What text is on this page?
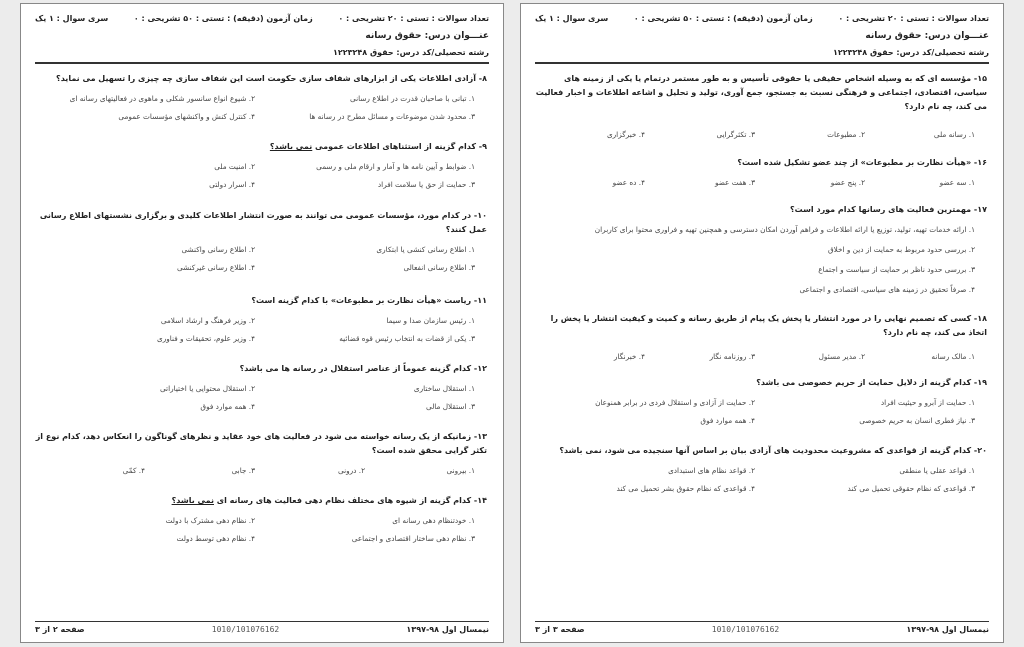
تعداد سوالات : تستی : ۲۰ تشریحی : ۰
زمان آزمون (دقیقه) : تستی : ۵۰ تشریحی : ۰
سری سوال : ۱ یک
عنـــوان درس: حقوق رسانه
رشته تحصیلی/کد درس: حقوق ۱۲۲۳۲۴۸
۸- آزادی اطلاعات یکی از ابزارهای شفاف سازی حکومت است این شفاف سازی چه چیزی را تسهیل می نماید؟
۱. تبانی با صاحبان قدرت در اطلاع رسانی
۲. شیوع انواع سانسور شکلی و ماهوی در فعالیتهای رسانه ای
۳. محدود شدن موضوعات و مسائل مطرح در رسانه ها
۴. کنترل کنش و واکنشهای مؤسسات عمومی
۹- کدام گزینه از استثناهای اطلاعات عمومی نمی باشد؟
۱. ضوابط و آیین نامه ها و آمار و ارقام ملی و رسمی
۲. امنیت ملی
۳. حمایت از حق یا سلامت افراد
۴. اسرار دولتی
۱۰- در کدام مورد، مؤسسات عمومی می توانند به صورت انتشار اطلاعات کلیدی و برگزاری نشستهای اطلاع رسانی عمل کنند؟
۱. اطلاع رسانی کنشی یا ابتکاری
۲. اطلاع رسانی واکنشی
۳. اطلاع رسانی انفعالی
۴. اطلاع رسانی غیرکنشی
۱۱- ریاست «هیأت نظارت بر مطبوعات» با کدام گزینه است؟
۱. رئیس سازمان صدا و سیما
۲. وزیر فرهنگ و ارشاد اسلامی
۳. یکی از قضات به انتخاب رئیس قوه قضائیه
۴. وزیر علوم، تحقیقات و فناوری
۱۲- کدام گزینه عموماً از عناصر استقلال در رسانه ها می باشد؟
۱. استقلال ساختاری
۲. استقلال محتوایی یا اختیاراتی
۳. استقلال مالی
۴. همه موارد فوق
۱۳- زمانیکه از یک رسانه خواسته می شود در فعالیت های خود عقاید و نظرهای گوناگون را انعکاس دهد، کدام نوع از تکثر گرایی محقق شده است؟
۱. بیرونی
۲. درونی
۳. جابی
۴. کمّی
۱۴- کدام گزینه از شیوه های مختلف نظام دهی فعالیت های رسانه ای نمی باشد؟
۱. خودتنظام دهی رسانه ای
۲. نظام دهی مشترک با دولت
۳. نظام دهی ساختار اقتصادی و اجتماعی
۴. نظام دهی توسط دولت
نیمسال اول ۹۸-۱۳۹۷
1010/101076162
صفحه ۲ از ۳
تعداد سوالات : تستی : ۲۰ تشریحی : ۰
زمان آزمون (دقیقه) : تستی : ۵۰ تشریحی : ۰
سری سوال : ۱ یک
عنـــوان درس: حقوق رسانه
رشته تحصیلی/کد درس: حقوق ۱۲۲۳۲۴۸
۱۵- مؤسسه ای که به وسیله اشخاص حقیقی یا حقوقی تأسیس و به طور مستمر درتمام یا یکی از زمینه های سیاسی، اقتصادی، اجتماعی و فرهنگی نسبت به جستجو، جمع آوری، تولید و تحلیل و اشاعه اطلاعات و اخبار فعالیت می کند، چه نام دارد؟
۱. رسانه ملی
۲. مطبوعات
۳. تکثرگرایی
۴. خبرگزاری
۱۶- «هیأت نظارت بر مطبوعات» از چند عضو تشکیل شده است؟
۱. سه عضو
۲. پنج عضو
۳. هفت عضو
۴. ده عضو
۱۷- مهمترین فعالیت های رسانها کدام مورد است؟
۱. ارائه خدمات تهیه، تولید، توزیع یا ارائه اطلاعات و فراهم آوردن امکان دسترسی و همچنین تهیه و فراوری محتوا برای کاربران
۲. بررسی حدود مربوط به حمایت از دین و اخلاق
۳. بررسی حدود ناظر بر حمایت از سیاست و اجتماع
۴. صرفاً تحقیق در زمینه های سیاسی، اقتصادی و اجتماعی
۱۸- کسی که تصمیم نهایی را در مورد انتشار یا پخش یک پیام از طریق رسانه و کمیت و کیفیت انتشار یا پخش را اتخاذ می کند، چه نام دارد؟
۱. مالک رسانه
۲. مدیر مسئول
۳. روزنامه نگار
۴. خبرنگار
۱۹- کدام گزینه از دلایل حمایت از حریم خصوصی می باشد؟
۱. حمایت از آبرو و حیثیت افراد
۲. حمایت از آزادی و استقلال فردی در برابر همنوعان
۳. نیاز فطری انسان به حریم خصوصی
۴. همه موارد فوق
۲۰- کدام گزینه از قواعدی که مشروعیت محدودیت های آزادی بیان بر اساس آنها سنجیده می شود، نمی باشد؟
۱. قواعد عقلی یا منطقی
۲. قواعد نظام های استبدادی
۳. قواعدی که نظام حقوقی تحمیل می کند
۴. قواعدی که نظام حقوق بشر تحمیل می کند
نیمسال اول ۹۸-۱۳۹۷
1010/101076162
صفحه ۳ از ۳
